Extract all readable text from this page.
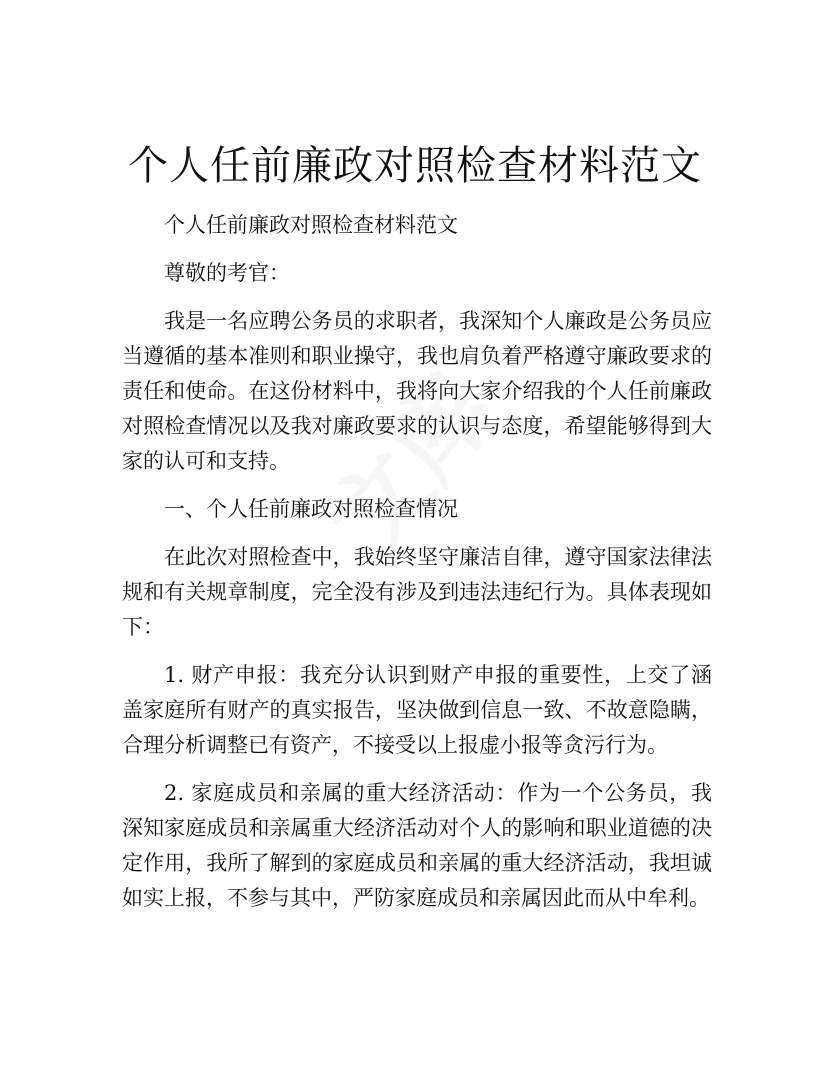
个人任前廉政对照检查材料范文

个人任前廉政对照检查材料范文

尊敬的考官：

我是一名应聘公务员的求职者，我深知个人廉政是公务员应当遵循的基本准则和职业操守，我也肩负着严格遵守廉政要求的责任和使命。在这份材料中，我将向大家介绍我的个人任前廉政对照检查情况以及我对廉政要求的认识与态度，希望能够得到大家的认可和支持。

一、个人任前廉政对照检查情况

在此次对照检查中，我始终坚守廉洁自律，遵守国家法律法规和有关规章制度，完全没有涉及到违法违纪行为。具体表现如下：

1. 财产申报：我充分认识到财产申报的重要性，上交了涵盖家庭所有财产的真实报告，坚决做到信息一致、不故意隐瞒，合理分析调整已有资产，不接受以上报虚小报等贪污行为。

2. 家庭成员和亲属的重大经济活动：作为一个公务员，我深知家庭成员和亲属重大经济活动对个人的影响和职业道德的决定作用，我所了解到的家庭成员和亲属的重大经济活动，我坦诚如实上报，不参与其中，严防家庭成员和亲属因此而从中牟利。
